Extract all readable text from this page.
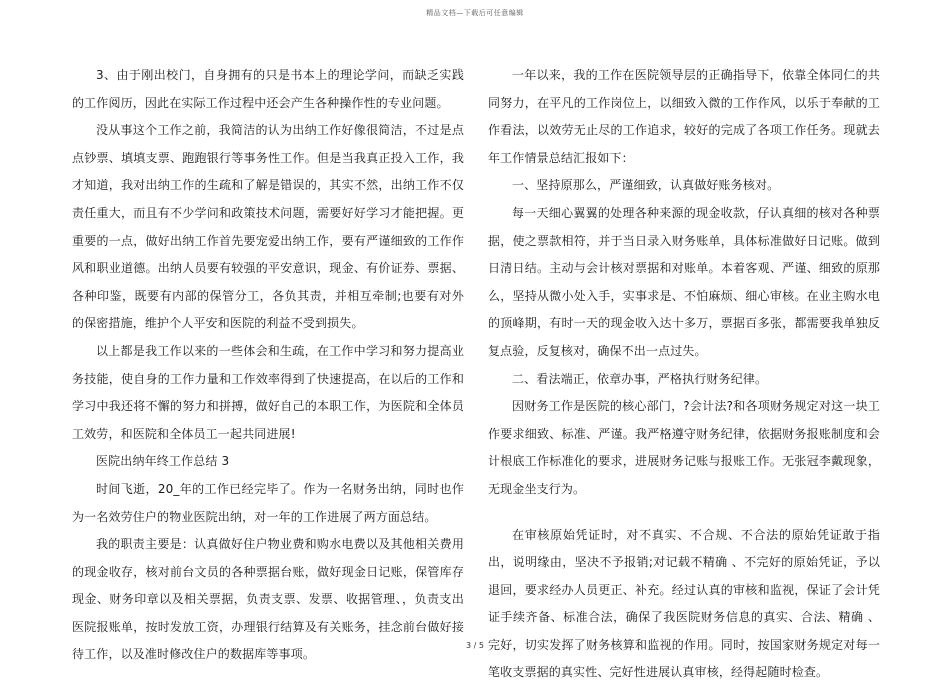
精品文档—下载后可任意编辑

3、由于刚出校门，自身拥有的只是书本上的理论学问，而缺乏实践的工作阅历，因此在实际工作过程中还会产生各种操作性的专业问题。

没从事这个工作之前，我简洁的认为出纳工作好像很简洁，不过是点点钞票、填填支票、跑跑银行等事务性工作。但是当我真正投入工作，我才知道，我对出纳工作的生疏和了解是错误的，其实不然，出纳工作不仅责任重大，而且有不少学问和政策技术问题，需要好好学习才能把握。更重要的一点，做好出纳工作首先要宠爱出纳工作，要有严谨细致的工作作风和职业道德。出纳人员要有较强的平安意识，现金、有价证券、票据、各种印鉴，既要有内部的保管分工，各负其责，并相互牵制;也要有对外的保密措施，维护个人平安和医院的利益不受到损失。

以上都是我工作以来的一些体会和生疏，在工作中学习和努力提高业务技能，使自身的工作力量和工作效率得到了快速提高，在以后的工作和学习中我还将不懈的努力和拼搏，做好自己的本职工作，为医院和全体员工效劳，和医院和全体员工一起共同进展!

医院出纳年终工作总结 3

时间飞逝，20_年的工作已经完毕了。作为一名财务出纳，同时也作为一名效劳住户的物业医院出纳，对一年的工作进展了两方面总结。

我的职责主要是：认真做好住户物业费和购水电费以及其他相关费用的现金收存，核对前台文员的各种票据台账，做好现金日记账，保管库存现金、财务印章以及相关票据，负责支票、发票、收据管理、，负责支出医院报账单，按时发放工资，办理银行结算及有关账务，挂念前台做好接待工作，以及准时修改住户的数据库等事项。

一年以来，我的工作在医院领导层的正确指导下，依靠全体同仁的共同努力，在平凡的工作岗位上，以细致入微的工作作风，以乐于奉献的工作看法，以效劳无止尽的工作追求，较好的完成了各项工作任务。现就去年工作情景总结汇报如下：

一、坚持原那么，严谨细致，认真做好账务核对。

每一天细心翼翼的处理各种来源的现金收款，仔认真细的核对各种票据，使之票款相符，并于当日录入财务账单，具体标准做好日记账。做到日清日结。主动与会计核对票据和对账单。本着客观、严谨、细致的原那么，坚持从微小处入手，实事求是、不怕麻烦、细心审核。在业主购水电的顶峰期，有时一天的现金收入达十多万，票据百多张，都需要我单独反复点验，反复核对，确保不出一点过失。

二、看法端正，依章办事，严格执行财务纪律。

因财务工作是医院的核心部门，?会计法?和各项财务规定对这一块工作要求细致、标准、严谨。我严格遵守财务纪律，依据财务报账制度和会计根底工作标准化的要求，进展财务记账与报账工作。无张冠李戴现象，无现金坐支行为。

在审核原始凭证时，对不真实、不合规、不合法的原始凭证敢于指出，说明缘由，坚决不予报销;对记载不精确 、不完好的原始凭证，予以退回，要求经办人员更正、补充。经过认真的审核和监视，保证了会计凭证手续齐备、标准合法，确保了我医院财务信息的真实、合法、精确 、完好，切实发挥了财务核算和监视的作用。同时，按国家财务规定对每一笔收支票据的真实性、完好性进展认真审核，经得起随时检查。

3 / 5
